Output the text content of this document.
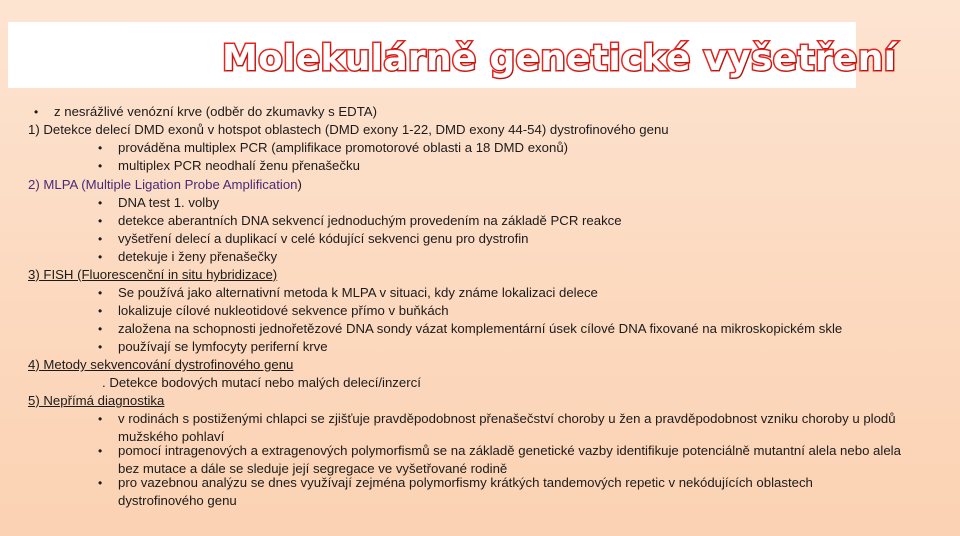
Molekulárně genetické vyšetření
• z nesrážlivé venózní krve (odběr do zkumavky s EDTA)
1) Detekce delecí DMD exonů v hotspot oblastech (DMD exony 1-22, DMD exony 44-54) dystrofinového genu
• prováděna multiplex PCR (amplifikace promotorové oblasti a 18 DMD exonů)
• multiplex PCR neodhalí ženu přenašečku
2) MLPA (Multiple Ligation Probe Amplification)
• DNA test 1. volby
• detekce aberantních DNA sekvencí jednoduchým provedením na základě PCR reakce
• vyšetření delecí a duplikací v celé kódující sekvenci genu pro dystrofin
• detekuje i ženy přenašečky
3) FISH (Fluorescenční in situ hybridizace)
• Se používá jako alternativní metoda k MLPA v situaci, kdy známe lokalizaci delece
• lokalizuje cílové nukleotidové sekvence přímo v buňkách
• založena na schopnosti jednořetězové DNA sondy vázat komplementární úsek cílové DNA fixované na mikroskopickém skle
• používají se lymfocyty periferní krve
4) Metody sekvencování dystrofinového genu
. Detekce bodových mutací nebo malých delecí/inzercí
5) Nepřímá diagnostika
• v rodinách s postiženými chlapci se zjišťuje pravděpodobnost přenašečství choroby u žen a pravděpodobnost vzniku choroby u plodů mužského pohlaví
• pomocí intragenových a extragenových polymorfismů se na základě genetické vazby identifikuje potenciálně mutantní alela nebo alela bez mutace a dále se sleduje její segregace ve vyšetřované rodině
• pro vazebnou analýzu se dnes využívají zejména polymorfismy krátkých tandemových repetic v nekódujících oblastech dystrofinového genu
